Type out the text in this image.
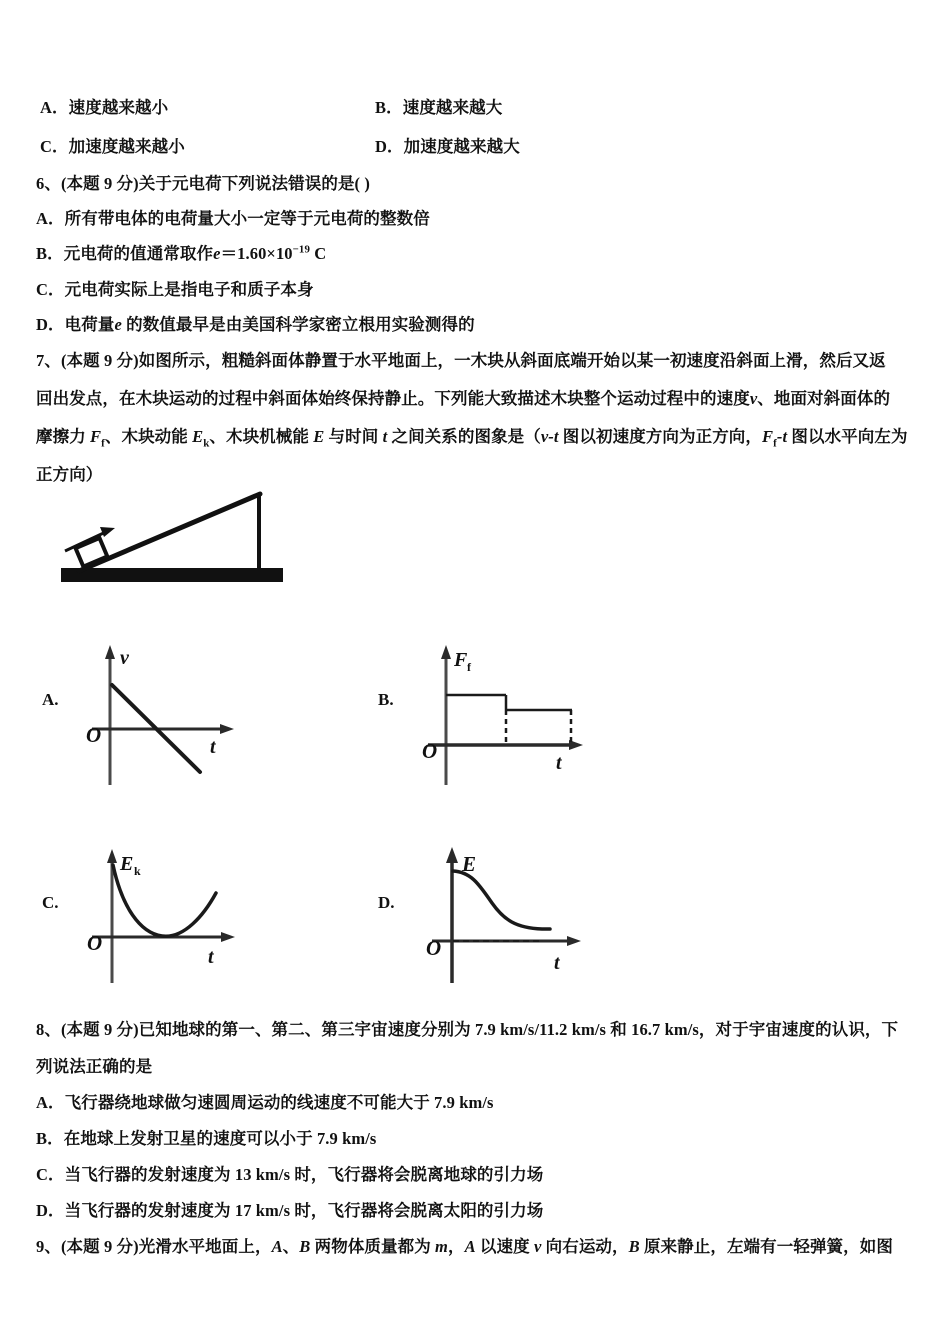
A．速度越来越小	B．速度越来越大
C．加速度越来越小	D．加速度越来越大
6、(本题 9 分)关于元电荷下列说法错误的是( )
A．所有带电体的电荷量大小一定等于元电荷的整数倍
B．元电荷的值通常取作$e=1.60\times 10^{-19}$ C
C．元电荷实际上是指电子和质子本身
D．电荷量e 的数值最早是由美国科学家密立根用实验测得的
7、(本题 9 分)如图所示，粗糙斜面体静置于水平地面上，一木块从斜面底端开始以某一初速度沿斜面上滑，然后又返
回出发点，在木块运动的过程中斜面体始终保持静止。下列能大致描述木块整个运动过程中的速度v、地面对斜面体的
摩擦力 $F_f$、木块动能 $E_k$、木块机械能 E 与时间 t 之间关系的图象是（v-t 图以初速度方向为正方向，$F_f-t$ 图以水平向左为
正方向）
A.
v
O	t
B.
F f
O	t
C.
E k
O
t
D.
E
O
t
8、(本题 9 分)已知地球的第一、第二、第三宇宙速度分别为 7.9 km/s/11.2 km/s 和 16.7 km/s，对于宇宙速度的认识，下
列说法正确的是
A．飞行器绕地球做匀速圆周运动的线速度不可能大于 7.9 km/s
B．在地球上发射卫星的速度可以小于 7.9 km/s
C．当飞行器的发射速度为 13 km/s 时，飞行器将会脱离地球的引力场
D．当飞行器的发射速度为 17 km/s 时，飞行器将会脱离太阳的引力场
9、(本题 9 分)光滑水平地面上，A、B 两物体质量都为 m，A 以速度 v 向右运动，B 原来静止，左端有一轻弹簧，如图
